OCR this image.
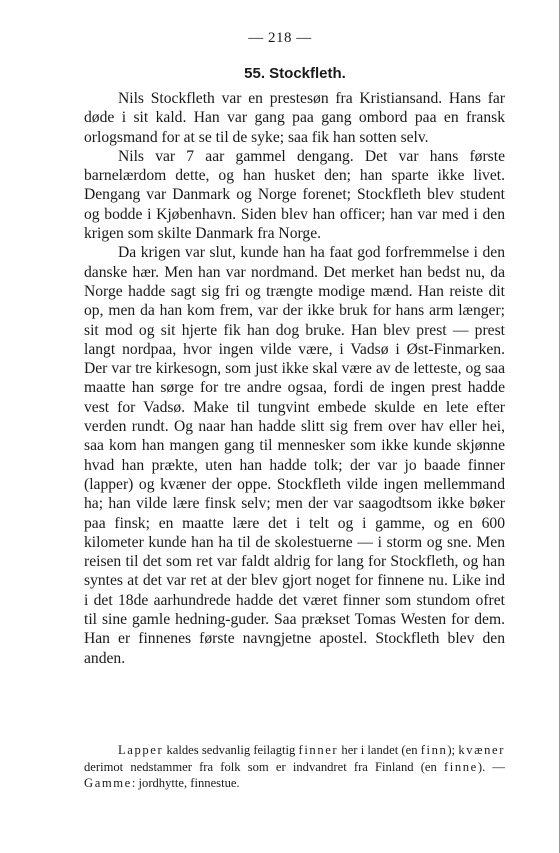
— 218 —
55. Stockfleth.

Nils Stockfleth var en prestesøn fra Kristiansand. Hans far døde i sit kald. Han var gang paa gang ombord paa en fransk orlogsmand for at se til de syke; saa fik han sotten selv.

Nils var 7 aar gammel dengang. Det var hans første barnelærdom dette, og han husket den; han sparte ikke livet. Dengang var Danmark og Norge forenet; Stockfleth blev student og bodde i Kjøbenhavn. Siden blev han officer; han var med i den krigen som skilte Danmark fra Norge.

Da krigen var slut, kunde han ha faat god forfremmelse i den danske hær. Men han var nordmand. Det merket han bedst nu, da Norge hadde sagt sig fri og trængte modige mænd. Han reiste dit op, men da han kom frem, var der ikke bruk for hans arm længer; sit mod og sit hjerte fik han dog bruke. Han blev prest — prest langt nordpaa, hvor ingen vilde være, i Vadsø i Øst-Finmarken. Der var tre kirkesogn, som just ikke skal være av de letteste, og saa maatte han sørge for tre andre ogsaa, fordi de ingen prest hadde vest for Vadsø. Make til tungvint embede skulde en lete efter verden rundt. Og naar han hadde slitt sig frem over hav eller hei, saa kom han mangen gang til mennesker som ikke kunde skjønne hvad han prækte, uten han hadde tolk; der var jo baade finner (lapper) og kvæner der oppe. Stockfleth vilde ingen mellemmand ha; han vilde lære finsk selv; men der var saagodtsom ikke bøker paa finsk; en maatte lære det i telt og i gamme, og en 600 kilometer kunde han ha til de skolestuerne — i storm og sne. Men reisen til det som ret var faldt aldrig for lang for Stockfleth, og han syntes at det var ret at der blev gjort noget for finnene nu. Like ind i det 18de aarhundrede hadde det været finner som stundom ofret til sine gamle hedning-guder. Saa prækset Tomas Westen for dem. Han er finnenes første navngjetne apostel. Stockfleth blev den anden.

Lapper kaldes sedvanlig feilagtig finner her i landet (en finn); kvæner derimot nedstammer fra folk som er indvandret fra Finland (en finne). — Gamme: jordhytte, finnestue.
